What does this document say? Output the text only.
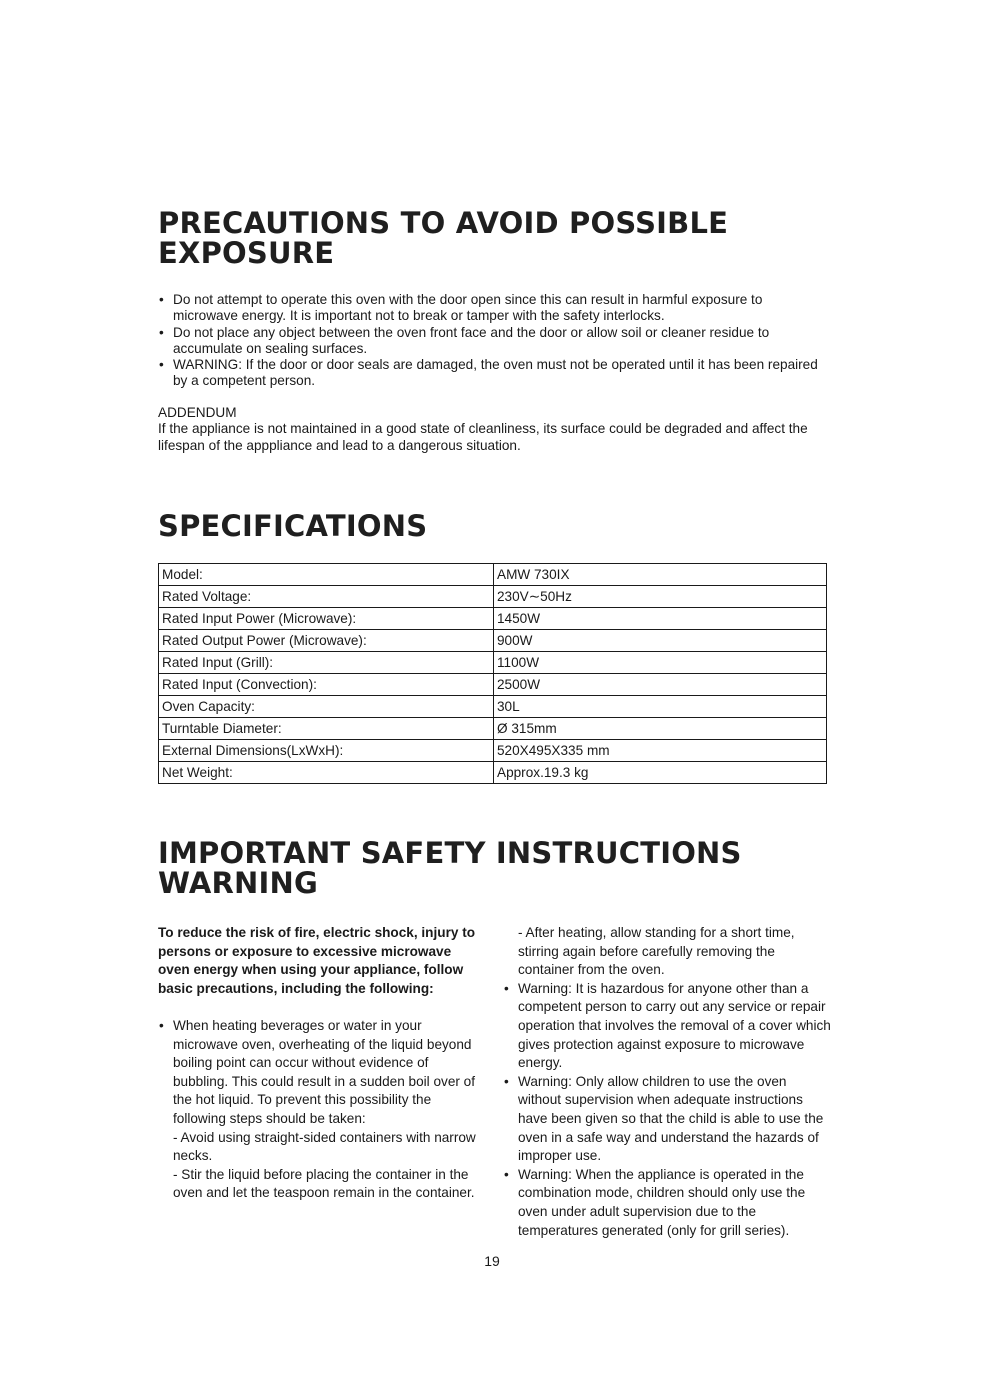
PRECAUTIONS TO AVOID POSSIBLE
EXPOSURE
• Do not attempt to operate this oven with the door open since this can result in harmful exposure to microwave energy. It is important not to break or tamper with the safety interlocks.
• Do not place any object between the oven front face and the door or allow soil or cleaner residue to accumulate on sealing surfaces.
• WARNING: If the door or door seals are damaged, the oven must not be operated until it has been repaired by a competent person.

ADDENDUM

If the appliance is not maintained in a good state of cleanliness, its surface could be degraded and affect the lifespan of the apppliance and lead to a dangerous situation.

SPECIFICATIONS
Model:	AMW 730IX
Rated Voltage:	230V∼50Hz
Rated Input Power (Microwave):	1450W
Rated Output Power (Microwave):	900W
Rated Input (Grill):	1100W
Rated Input (Convection):	2500W
Oven Capacity:	30L
Turntable Diameter:	Ø 315mm
External Dimensions(LxWxH):	520X495X335 mm
Net Weight:	Approx.19.3 kg
IMPORTANT SAFETY INSTRUCTIONS
WARNING

To reduce the risk of fire, electric shock, injury to persons or exposure to excessive microwave oven energy when using your appliance, follow basic precautions, including the following:

• When heating beverages or water in your microwave oven, overheating of the liquid beyond boiling point can occur without evidence of bubbling. This could result in a sudden boil over of the hot liquid. To prevent this possibility the following steps should be taken:
- Avoid using straight-sided containers with narrow necks.
- Stir the liquid before placing the container in the oven and let the teaspoon remain in the container.
- After heating, allow standing for a short time, stirring again before carefully removing the container from the oven.
• Warning: It is hazardous for anyone other than a competent person to carry out any service or repair operation that involves the removal of a cover which gives protection against exposure to microwave energy.
• Warning: Only allow children to use the oven without supervision when adequate instructions have been given so that the child is able to use the oven in a safe way and understand the hazards of improper use.
• Warning: When the appliance is operated in the combination mode, children should only use the oven under adult supervision due to the temperatures generated (only for grill series).
19
